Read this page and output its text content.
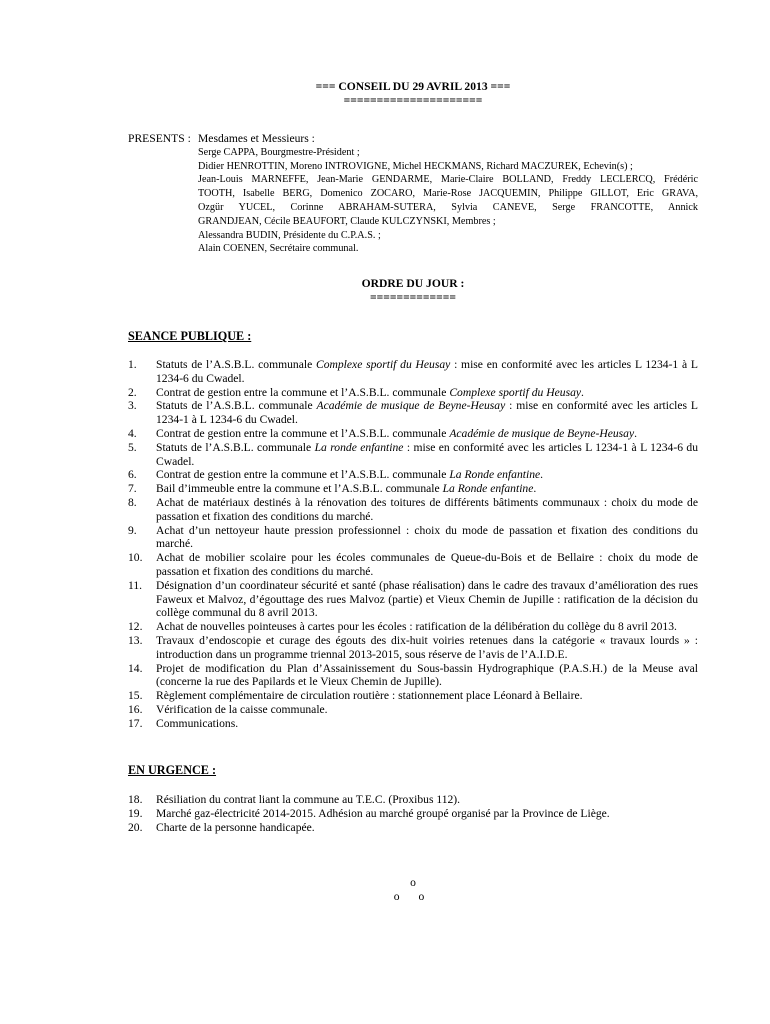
=== CONSEIL DU 29 AVRIL 2013 ===
=====================
PRESENTS : Mesdames et Messieurs :
Serge CAPPA, Bourgmestre-Président ;
Didier HENROTTIN, Moreno INTROVIGNE, Michel HECKMANS, Richard MACZUREK, Echevin(s) ;
Jean-Louis MARNEFFE, Jean-Marie GENDARME, Marie-Claire BOLLAND, Freddy LECLERCQ, Frédéric
TOOTH, Isabelle BERG, Domenico ZOCARO, Marie-Rose JACQUEMIN, Philippe GILLOT, Eric GRAVA,
Ozgür YUCEL, Corinne ABRAHAM-SUTERA, Sylvia CANEVE, Serge FRANCOTTE, Annick
GRANDJEAN, Cécile BEAUFORT, Claude KULCZYNSKI, Membres ;
Alessandra BUDIN, Présidente du C.P.A.S. ;
Alain COENEN, Secrétaire communal.
ORDRE DU JOUR :
=============
SEANCE PUBLIQUE :
1. Statuts de l’A.S.B.L. communale Complexe sportif du Heusay : mise en conformité avec les articles L 1234-1 à L 1234-6 du Cwadel.
2. Contrat de gestion entre la commune et l’A.S.B.L. communale Complexe sportif du Heusay.
3. Statuts de l’A.S.B.L. communale Académie de musique de Beyne-Heusay : mise en conformité avec les articles L 1234-1 à L 1234-6 du Cwadel.
4. Contrat de gestion entre la commune et l’A.S.B.L. communale Académie de musique de Beyne-Heusay.
5. Statuts de l’A.S.B.L. communale La ronde enfantine : mise en conformité avec les articles L 1234-1 à L 1234-6 du Cwadel.
6. Contrat de gestion entre la commune et l’A.S.B.L. communale La Ronde enfantine.
7. Bail d’immeuble entre la commune et l’A.S.B.L. communale La Ronde enfantine.
8. Achat de matériaux destinés à la rénovation des toitures de différents bâtiments communaux : choix du mode de passation et fixation des conditions du marché.
9. Achat d’un nettoyeur haute pression professionnel : choix du mode de passation et fixation des conditions du marché.
10. Achat de mobilier scolaire pour les écoles communales de Queue-du-Bois et de Bellaire : choix du mode de passation et fixation des conditions du marché.
11. Désignation d’un coordinateur sécurité et santé (phase réalisation) dans le cadre des travaux d’amélioration des rues Faweux et Malvoz, d’égouttage des rues Malvoz (partie) et Vieux Chemin de Jupille : ratification de la décision du collège communal du 8 avril 2013.
12. Achat de nouvelles pointeuses à cartes pour les écoles : ratification de la délibération du collège du 8 avril 2013.
13. Travaux d’endoscopie et curage des égouts des dix-huit voiries retenues dans la catégorie « travaux lourds » : introduction dans un programme triennal 2013-2015, sous réserve de l’avis de l’A.I.D.E.
14. Projet de modification du Plan d’Assainissement du Sous-bassin Hydrographique (P.A.S.H.) de la Meuse aval (concerne la rue des Papilards et le Vieux Chemin de Jupille).
15. Règlement complémentaire de circulation routière : stationnement place Léonard à Bellaire.
16. Vérification de la caisse communale.
17. Communications.
EN URGENCE :
18. Résiliation du contrat liant la commune au T.E.C. (Proxibus 112).
19. Marché gaz-électricité 2014-2015. Adhésion au marché groupé organisé par la Province de Liège.
20. Charte de la personne handicapée.
o
o o
